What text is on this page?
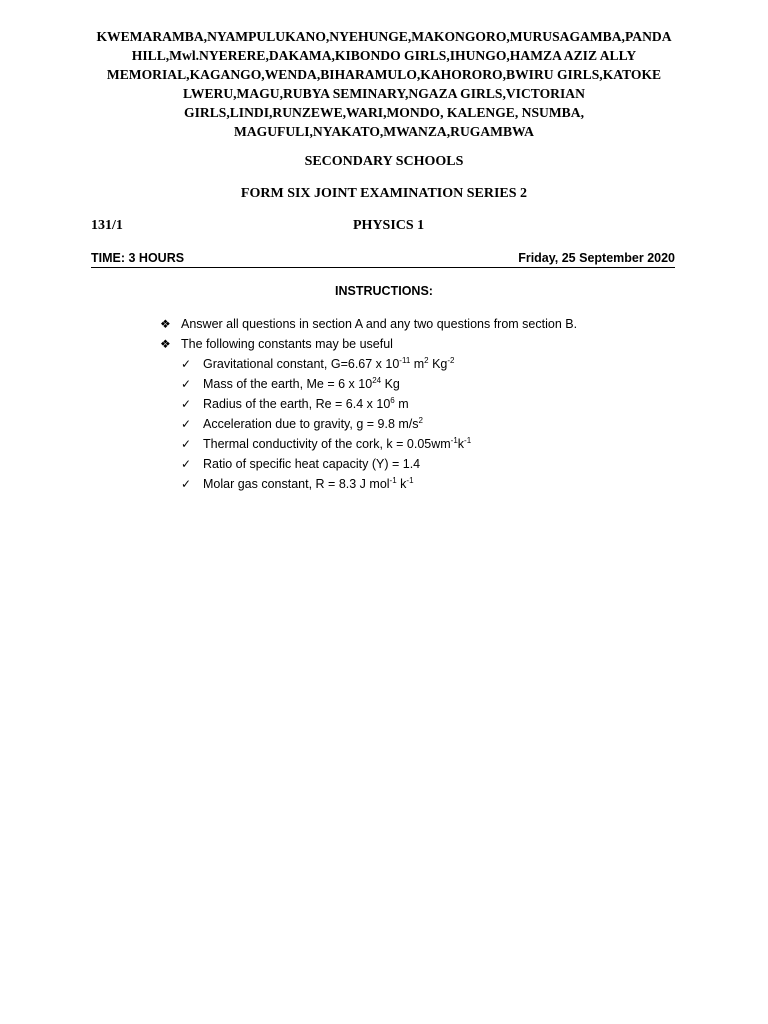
KWEMARAMBA,NYAMPULUKANO,NYEHUNGE,MAKONGORO,MURUSAGAMBA,PANDA
HILL,Mwl.NYERERE,DAKAMA,KIBONDO GIRLS,IHUNGO,HAMZA AZIZ ALLY
MEMORIAL,KAGANGO,WENDA,BIHARAMULO,KAHORORO,BWIRU GIRLS,KATOKE
LWERU,MAGU,RUBYA SEMINARY,NGAZA GIRLS,VICTORIAN
GIRLS,LINDI,RUNZEWE,WARI,MONDO, KALENGE, NSUMBA,
MAGUFULI,NYAKATO,MWANZA,RUGAMBWA
SECONDARY SCHOOLS
FORM SIX JOINT EXAMINATION SERIES 2
131/1	PHYSICS 1
TIME: 3 HOURS	Friday, 25 September 2020
INSTRUCTIONS:
❖ Answer all questions in section A and any two questions from section B.
❖ The following constants may be useful
✓ Gravitational constant, G=6.67 x $10^{-11}$ $m^2$ $Kg^{-2}$
✓ Mass of the earth, Me = 6 x $10^{24}$ Kg
✓ Radius of the earth, Re = 6.4 x $10^6$ m
✓ Acceleration due to gravity, g = 9.8 $m/s^2$
✓ Thermal conductivity of the cork, $k = 0.05wm^{-1}k^{-1}$
✓ Ratio of specific heat capacity (Y) = 1.4
✓ Molar gas constant, R = 8.3 J mol$^{-1}$ $k^{-1}$
